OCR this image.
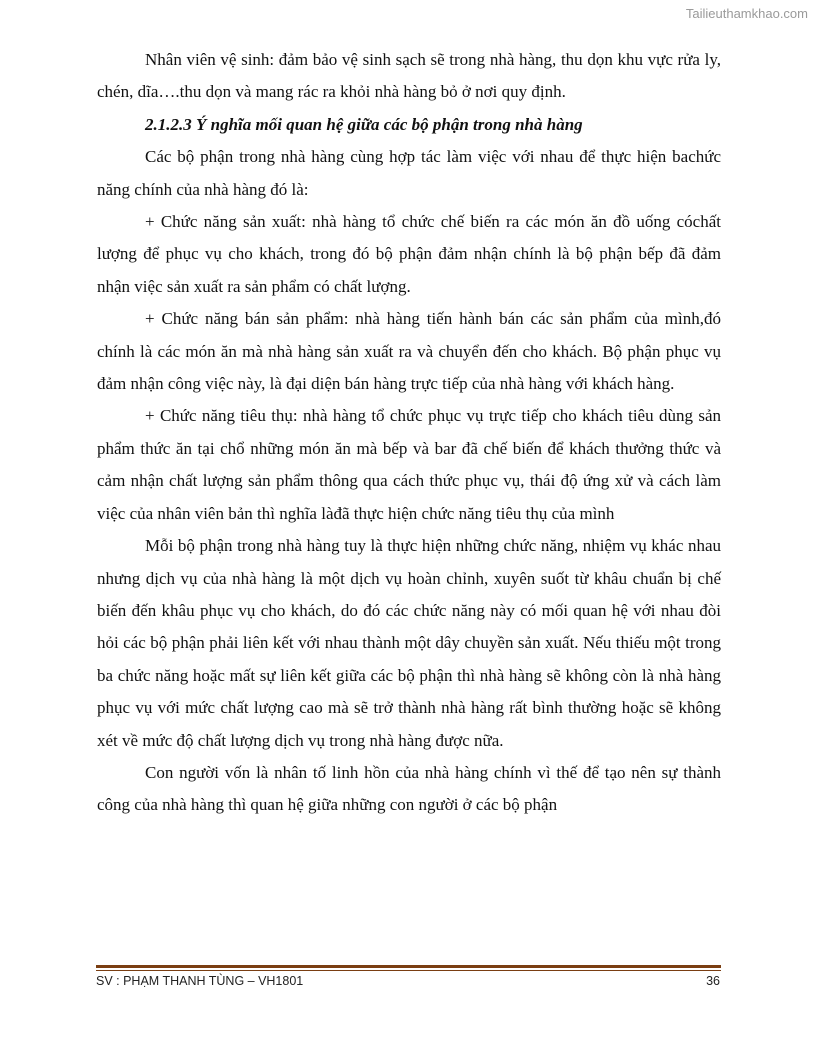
Tailieuthamkhao.com

Nhân viên vệ sinh: đảm bảo vệ sinh sạch sẽ trong nhà hàng, thu dọn khu vực rửa ly, chén, dĩa….thu dọn và mang rác ra khỏi nhà hàng bỏ ở nơi quy định.

2.1.2.3 Ý nghĩa mối quan hệ giữa các bộ phận trong nhà hàng

Các bộ phận trong nhà hàng cùng hợp tác làm việc với nhau để thực hiện bachức năng chính của nhà hàng đó là:

+ Chức năng sản xuất: nhà hàng tổ chức chế biến ra các món ăn đồ uống cóchất lượng để phục vụ cho khách, trong đó bộ phận đảm nhận chính là bộ phận bếp đã đảm nhận việc sản xuất ra sản phẩm có chất lượng.

+ Chức năng bán sản phẩm: nhà hàng tiến hành bán các sản phẩm của mình,đó chính là các món ăn mà nhà hàng sản xuất ra và chuyển đến cho khách. Bộ phận phục vụ đảm nhận công việc này, là đại diện bán hàng trực tiếp của nhà hàng với khách hàng.

+ Chức năng tiêu thụ: nhà hàng tổ chức phục vụ trực tiếp cho khách tiêu dùng sản phẩm thức ăn tại chổ những món ăn mà bếp và bar đã chế biến để khách thưởng thức và cảm nhận chất lượng sản phẩm thông qua cách thức phục vụ, thái độ ứng xử và cách làm việc của nhân viên bản thì nghĩa làđã thực hiện chức năng tiêu thụ của mình

Mỗi bộ phận trong nhà hàng tuy là thực hiện những chức năng, nhiệm vụ khác nhau nhưng dịch vụ của nhà hàng là một dịch vụ hoàn chỉnh, xuyên suốt từ khâu chuẩn bị chế biến đến khâu phục vụ cho khách, do đó các chức năng này có mối quan hệ với nhau đòi hỏi các bộ phận phải liên kết với nhau thành một dây chuyền sản xuất. Nếu thiếu một trong ba chức năng hoặc mất sự liên kết giữa các bộ phận thì nhà hàng sẽ không còn là nhà hàng phục vụ với mức chất lượng cao mà sẽ trở thành nhà hàng rất bình thường hoặc sẽ không xét về mức độ chất lượng dịch vụ trong nhà hàng được nữa.

Con người vốn là nhân tố linh hồn của nhà hàng chính vì thế để tạo nên sự thành công của nhà hàng thì quan hệ giữa những con người ở các bộ phận

SV : PHẠM THANH TÙNG – VH1801	36
